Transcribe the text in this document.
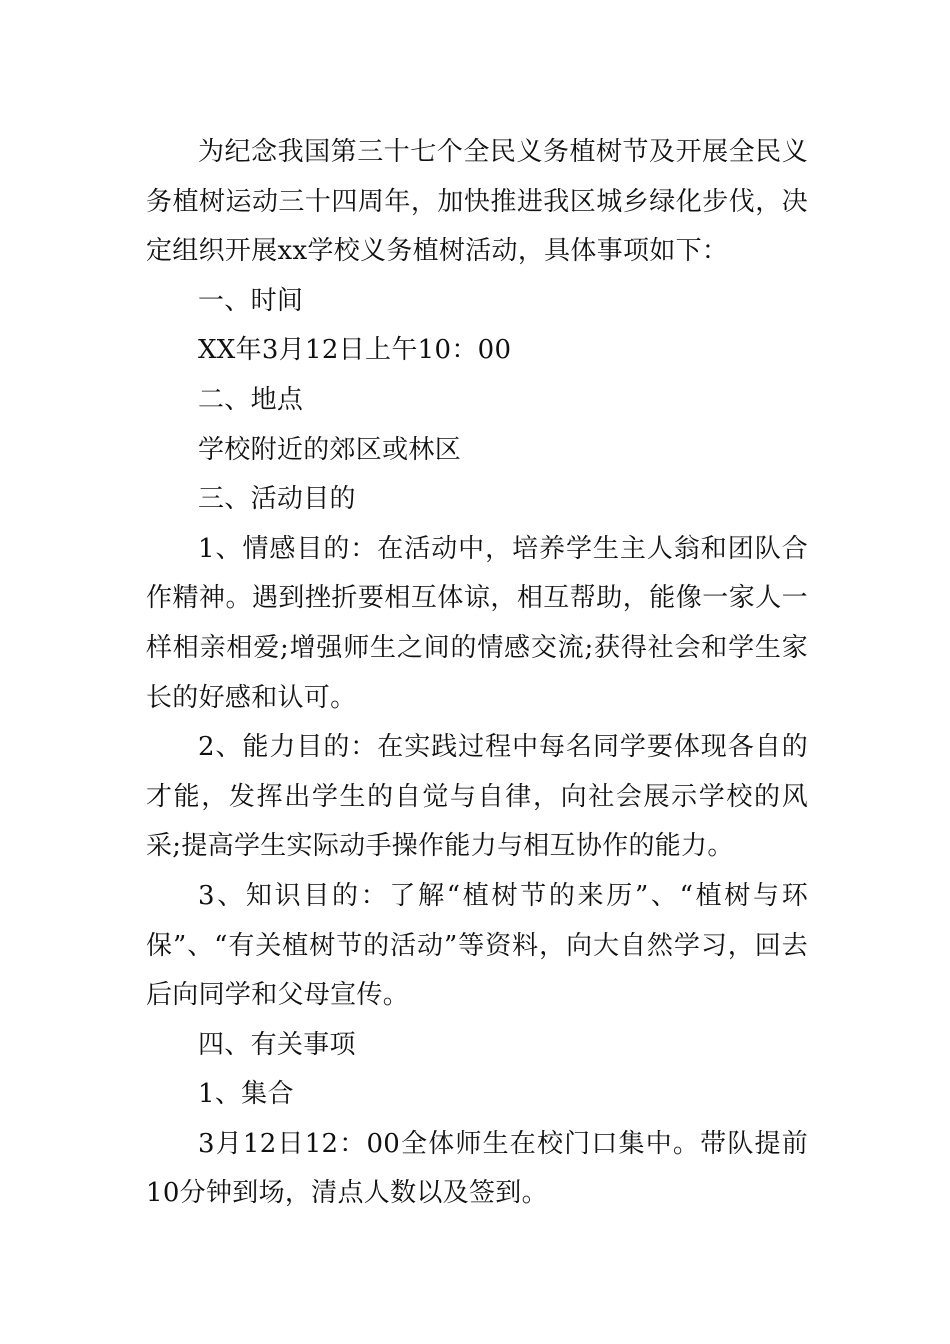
为纪念我国第三十七个全民义务植树节及开展全民义务植树运动三十四周年，加快推进我区城乡绿化步伐，决定组织开展xx学校义务植树活动，具体事项如下：

一、时间

XX年3月12日上午10：00

二、地点

学校附近的郊区或林区

三、活动目的

1、情感目的：在活动中，培养学生主人翁和团队合作精神。遇到挫折要相互体谅，相互帮助，能像一家人一样相亲相爱;增强师生之间的情感交流;获得社会和学生家长的好感和认可。

2、能力目的：在实践过程中每名同学要体现各自的才能，发挥出学生的自觉与自律，向社会展示学校的风采;提高学生实际动手操作能力与相互协作的能力。

3、知识目的：了解“植树节的来历”、“植树与环保”、“有关植树节的活动”等资料，向大自然学习，回去后向同学和父母宣传。

四、有关事项

1、集合

3月12日12：00全体师生在校门口集中。带队提前10分钟到场，清点人数以及签到。
